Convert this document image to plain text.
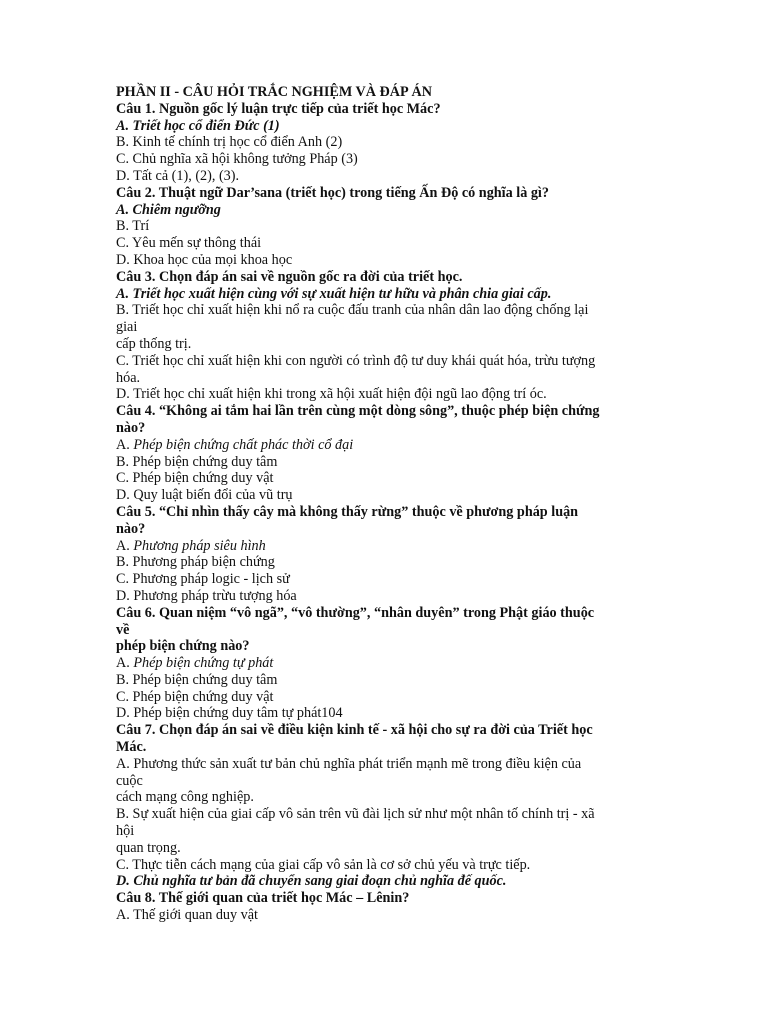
PHẦN II - CÂU HỎI TRẮC NGHIỆM VÀ ĐÁP ÁN
Câu 1. Nguồn gốc lý luận trực tiếp của triết học Mác?
A. Triết học cổ điển Đức (1)
B. Kinh tế chính trị học cổ điển Anh (2)
C. Chủ nghĩa xã hội không tưởng Pháp (3)
D. Tất cả (1), (2), (3).
Câu 2. Thuật ngữ Dar’sana (triết học) trong tiếng Ấn Độ có nghĩa là gì?
A. Chiêm ngưỡng
B. Trí
C. Yêu mến sự thông thái
D. Khoa học của mọi khoa học
Câu 3. Chọn đáp án sai về nguồn gốc ra đời của triết học.
A. Triết học xuất hiện cùng với sự xuất hiện tư hữu và phân chia giai cấp.
B. Triết học chỉ xuất hiện khi nổ ra cuộc đấu tranh của nhân dân lao động chống lại
giai
cấp thống trị.
C. Triết học chỉ xuất hiện khi con người có trình độ tư duy khái quát hóa, trừu tượng
hóa.
D. Triết học chỉ xuất hiện khi trong xã hội xuất hiện đội ngũ lao động trí óc.
Câu 4. “Không ai tắm hai lần trên cùng một dòng sông”, thuộc phép biện chứng
nào?
A. Phép biện chứng chất phác thời cổ đại
B. Phép biện chứng duy tâm
C. Phép biện chứng duy vật
D. Quy luật biến đổi của vũ trụ
Câu 5. “Chỉ nhìn thấy cây mà không thấy rừng” thuộc về phương pháp luận
nào?
A. Phương pháp siêu hình
B. Phương pháp biện chứng
C. Phương pháp logic - lịch sử
D. Phương pháp trừu tượng hóa
Câu 6. Quan niệm “vô ngã”, “vô thường”, “nhân duyên” trong Phật giáo thuộc
về
phép biện chứng nào?
A. Phép biện chứng tự phát
B. Phép biện chứng duy tâm
C. Phép biện chứng duy vật
D. Phép biện chứng duy tâm tự phát104
Câu 7. Chọn đáp án sai về điều kiện kinh tế - xã hội cho sự ra đời của Triết học
Mác.
A. Phương thức sản xuất tư bản chủ nghĩa phát triển mạnh mẽ trong điều kiện của
cuộc
cách mạng công nghiệp.
B. Sự xuất hiện của giai cấp vô sản trên vũ đài lịch sử như một nhân tố chính trị - xã
hội
quan trọng.
C. Thực tiễn cách mạng của giai cấp vô sản là cơ sở chủ yếu và trực tiếp.
D. Chủ nghĩa tư bản đã chuyển sang giai đoạn chủ nghĩa đế quốc.
Câu 8. Thế giới quan của triết học Mác – Lênin?
A. Thế giới quan duy vật
